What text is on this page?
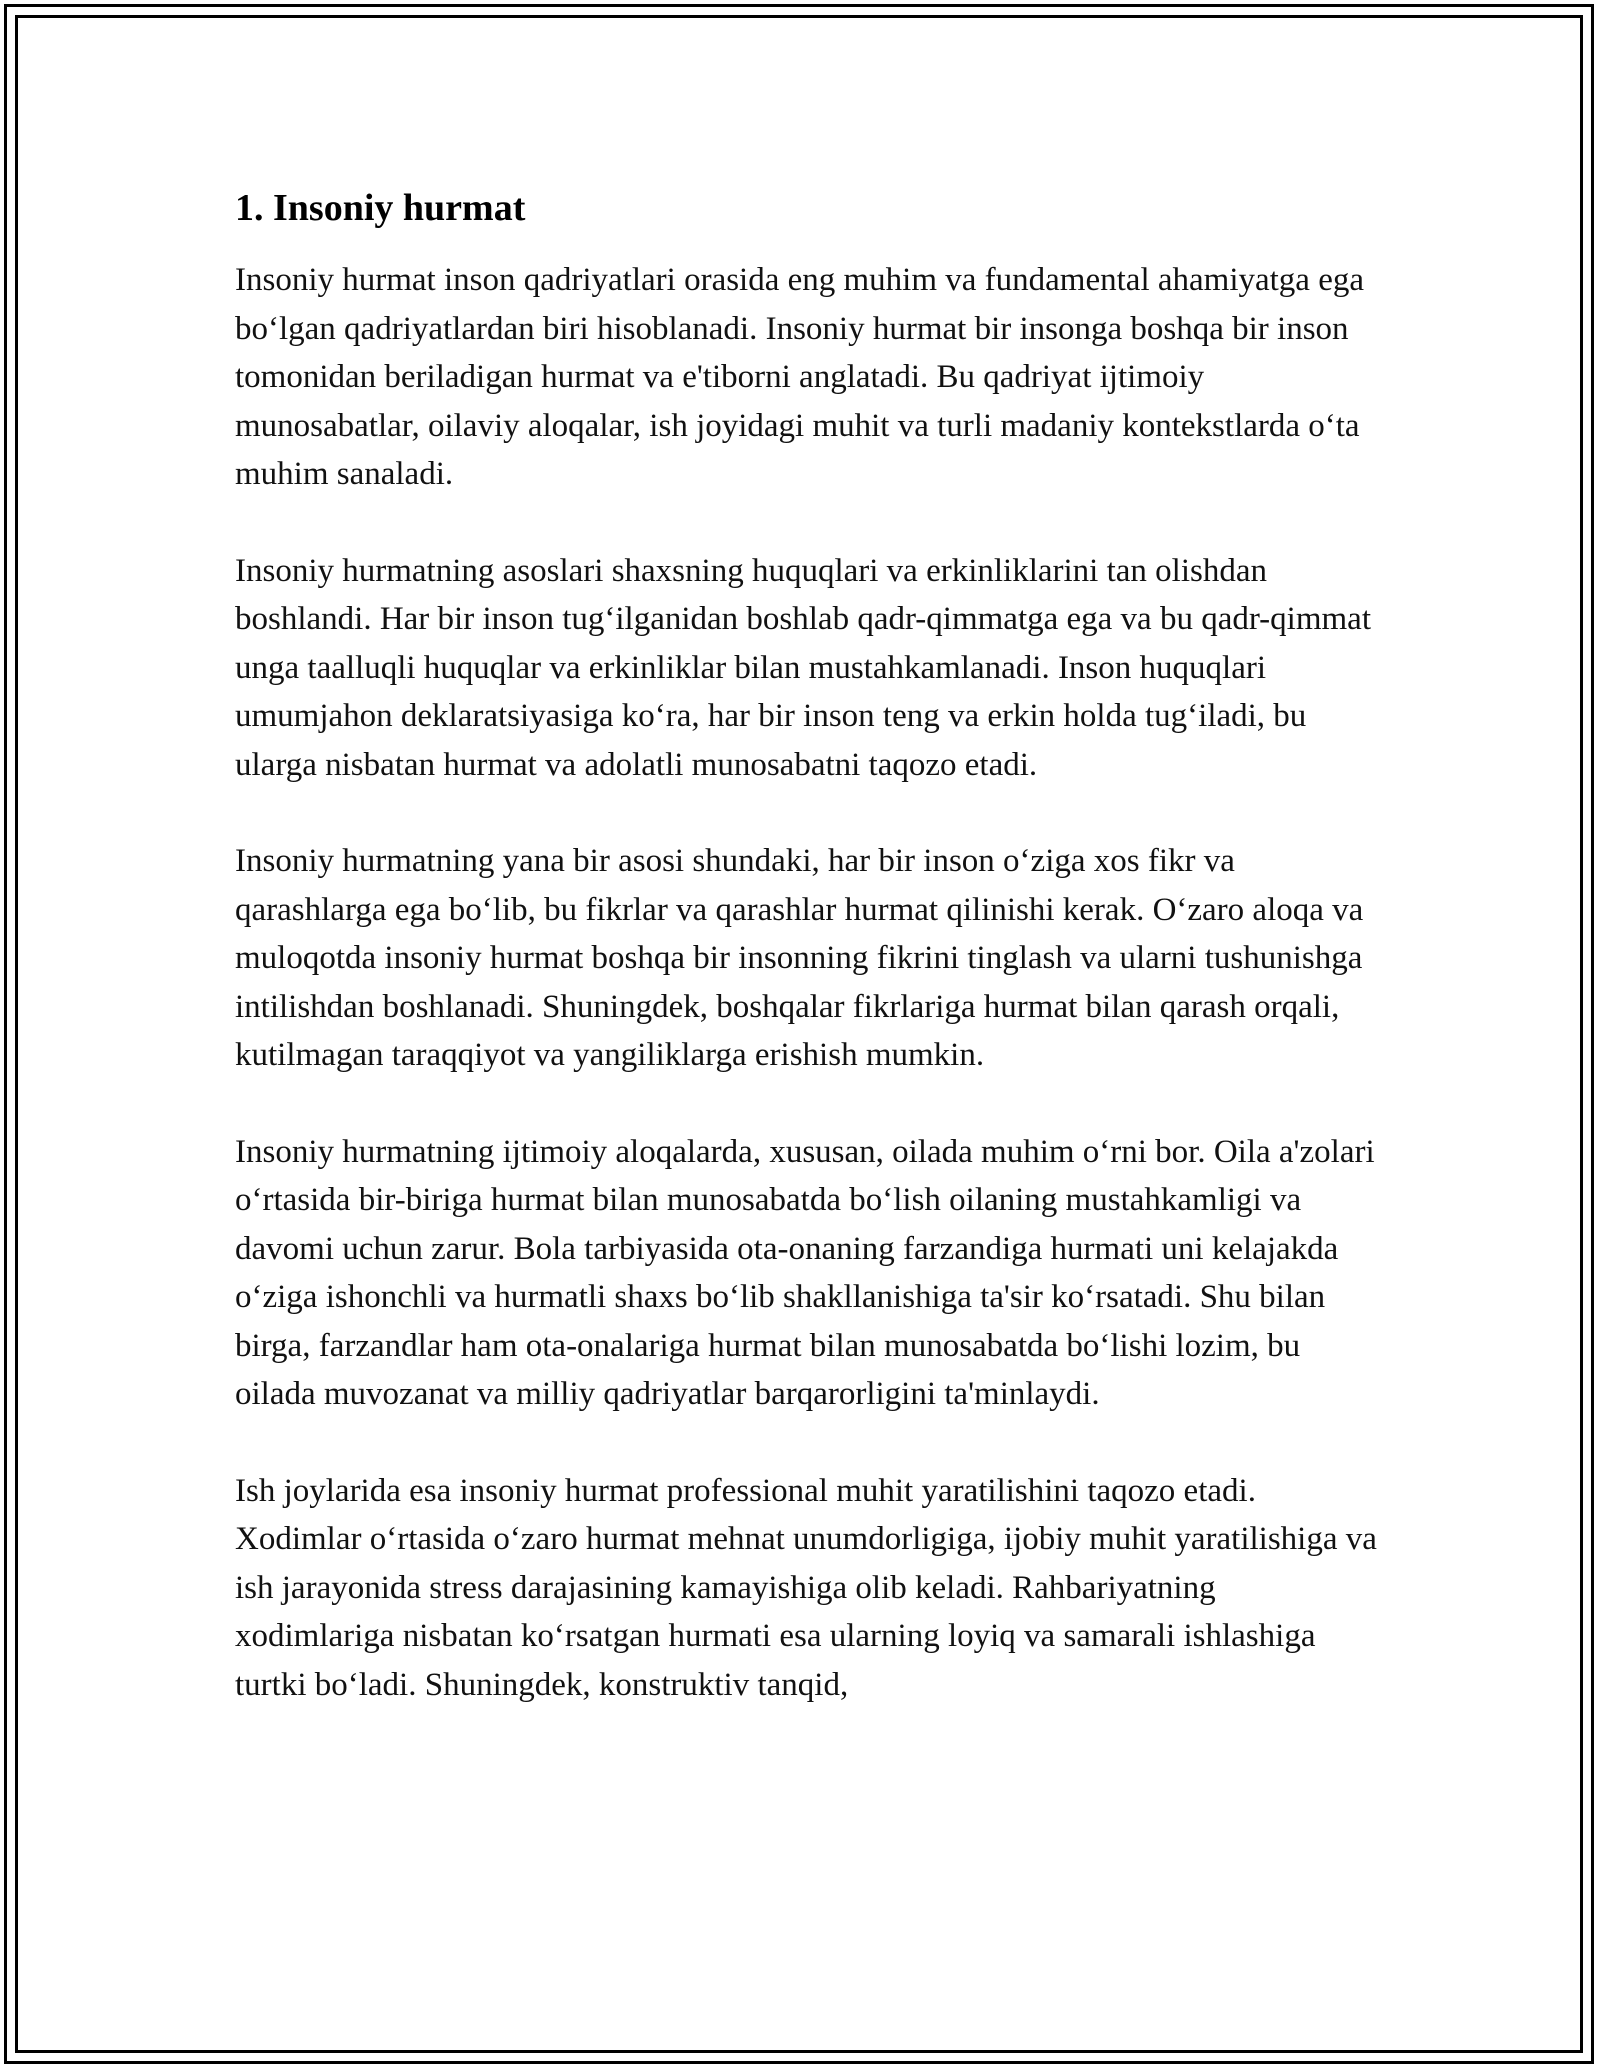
1. Insoniy hurmat

Insoniy hurmat inson qadriyatlari orasida eng muhim va fundamental ahamiyatga ega bo‘lgan qadriyatlardan biri hisoblanadi. Insoniy hurmat bir insonga boshqa bir inson tomonidan beriladigan hurmat va e'tiborni anglatadi. Bu qadriyat ijtimoiy munosabatlar, oilaviy aloqalar, ish joyidagi muhit va turli madaniy kontekstlarda o‘ta muhim sanaladi.

Insoniy hurmatning asoslari shaxsning huquqlari va erkinliklarini tan olishdan boshlandi. Har bir inson tug‘ilganidan boshlab qadr-qimmatga ega va bu qadr-qimmat unga taalluqli huquqlar va erkinliklar bilan mustahkamlanadi. Inson huquqlari umumjahon deklaratsiyasiga ko‘ra, har bir inson teng va erkin holda tug‘iladi, bu ularga nisbatan hurmat va adolatli munosabatni taqozo etadi.

Insoniy hurmatning yana bir asosi shundaki, har bir inson o‘ziga xos fikr va qarashlarga ega bo‘lib, bu fikrlar va qarashlar hurmat qilinishi kerak. O‘zaro aloqa va muloqotda insoniy hurmat boshqa bir insonning fikrini tinglash va ularni tushunishga intilishdan boshlanadi. Shuningdek, boshqalar fikrlariga hurmat bilan qarash orqali, kutilmagan taraqqiyot va yangiliklarga erishish mumkin.

Insoniy hurmatning ijtimoiy aloqalarda, xususan, oilada muhim o‘rni bor. Oila a'zolari o‘rtasida bir-biriga hurmat bilan munosabatda bo‘lish oilaning mustahkamligi va davomi uchun zarur. Bola tarbiyasida ota-onaning farzandiga hurmati uni kelajakda o‘ziga ishonchli va hurmatli shaxs bo‘lib shakllanishiga ta'sir ko‘rsatadi. Shu bilan birga, farzandlar ham ota-onalariga hurmat bilan munosabatda bo‘lishi lozim, bu oilada muvozanat va milliy qadriyatlar barqarorligini ta'minlaydi.

Ish joylarida esa insoniy hurmat professional muhit yaratilishini taqozo etadi. Xodimlar o‘rtasida o‘zaro hurmat mehnat unumdorligiga, ijobiy muhit yaratilishiga va ish jarayonida stress darajasining kamayishiga olib keladi. Rahbariyatning xodimlariga nisbatan ko‘rsatgan hurmati esa ularning loyiq va samarali ishlashiga turtki bo‘ladi. Shuningdek, konstruktiv tanqid,
